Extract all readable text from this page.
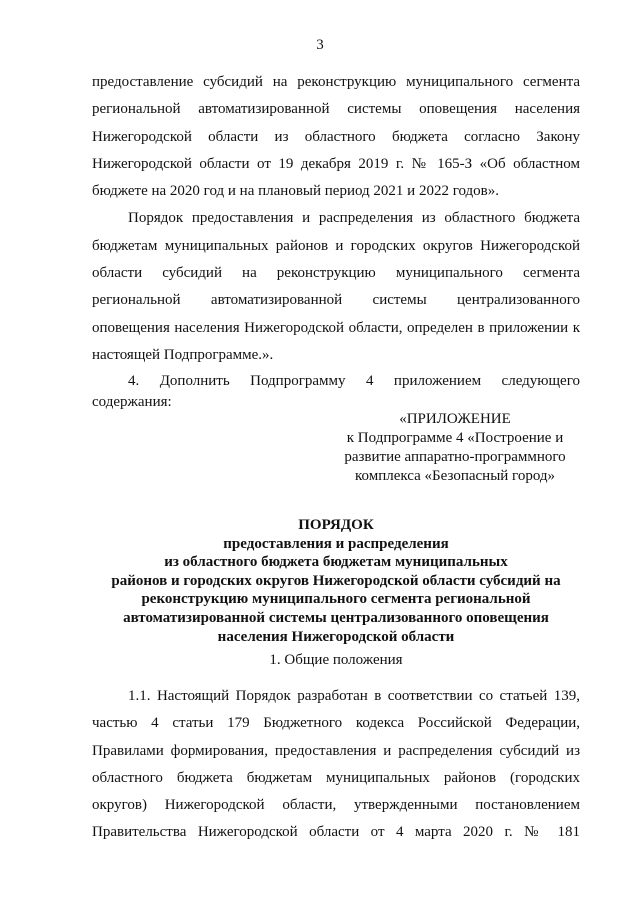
3
предоставление субсидий на реконструкцию муниципального сегмента
региональной автоматизированной системы оповещения населения
Нижегородской области из областного бюджета согласно Закону
Нижегородской области от 19 декабря 2019 г. № 165-З «Об областном
бюджете на 2020 год и на плановый период 2021 и 2022 годов».
Порядок предоставления и распределения из областного бюджета
бюджетам муниципальных районов и городских округов Нижегородской
области субсидий на реконструкцию муниципального сегмента
региональной автоматизированной системы централизованного
оповещения населения Нижегородской области, определен в приложении к
настоящей Подпрограмме.».
4. Дополнить Подпрограмму 4 приложением следующего
содержания:
«ПРИЛОЖЕНИЕ
к Подпрограмме 4 «Построение и
развитие аппаратно-программного
комплекса «Безопасный город»
ПОРЯДОК
предоставления и распределения
из областного бюджета бюджетам муниципальных
районов и городских округов Нижегородской области субсидий на
реконструкцию муниципального сегмента региональной
автоматизированной системы централизованного оповещения
населения Нижегородской области
1. Общие положения
1.1. Настоящий Порядок разработан в соответствии со статьей 139,
частью 4 статьи 179 Бюджетного кодекса Российской Федерации,
Правилами формирования, предоставления и распределения субсидий из
областного бюджета бюджетам муниципальных районов (городских
округов) Нижегородской области, утвержденными постановлением
Правительства Нижегородской области от 4 марта 2020 г. № 181
